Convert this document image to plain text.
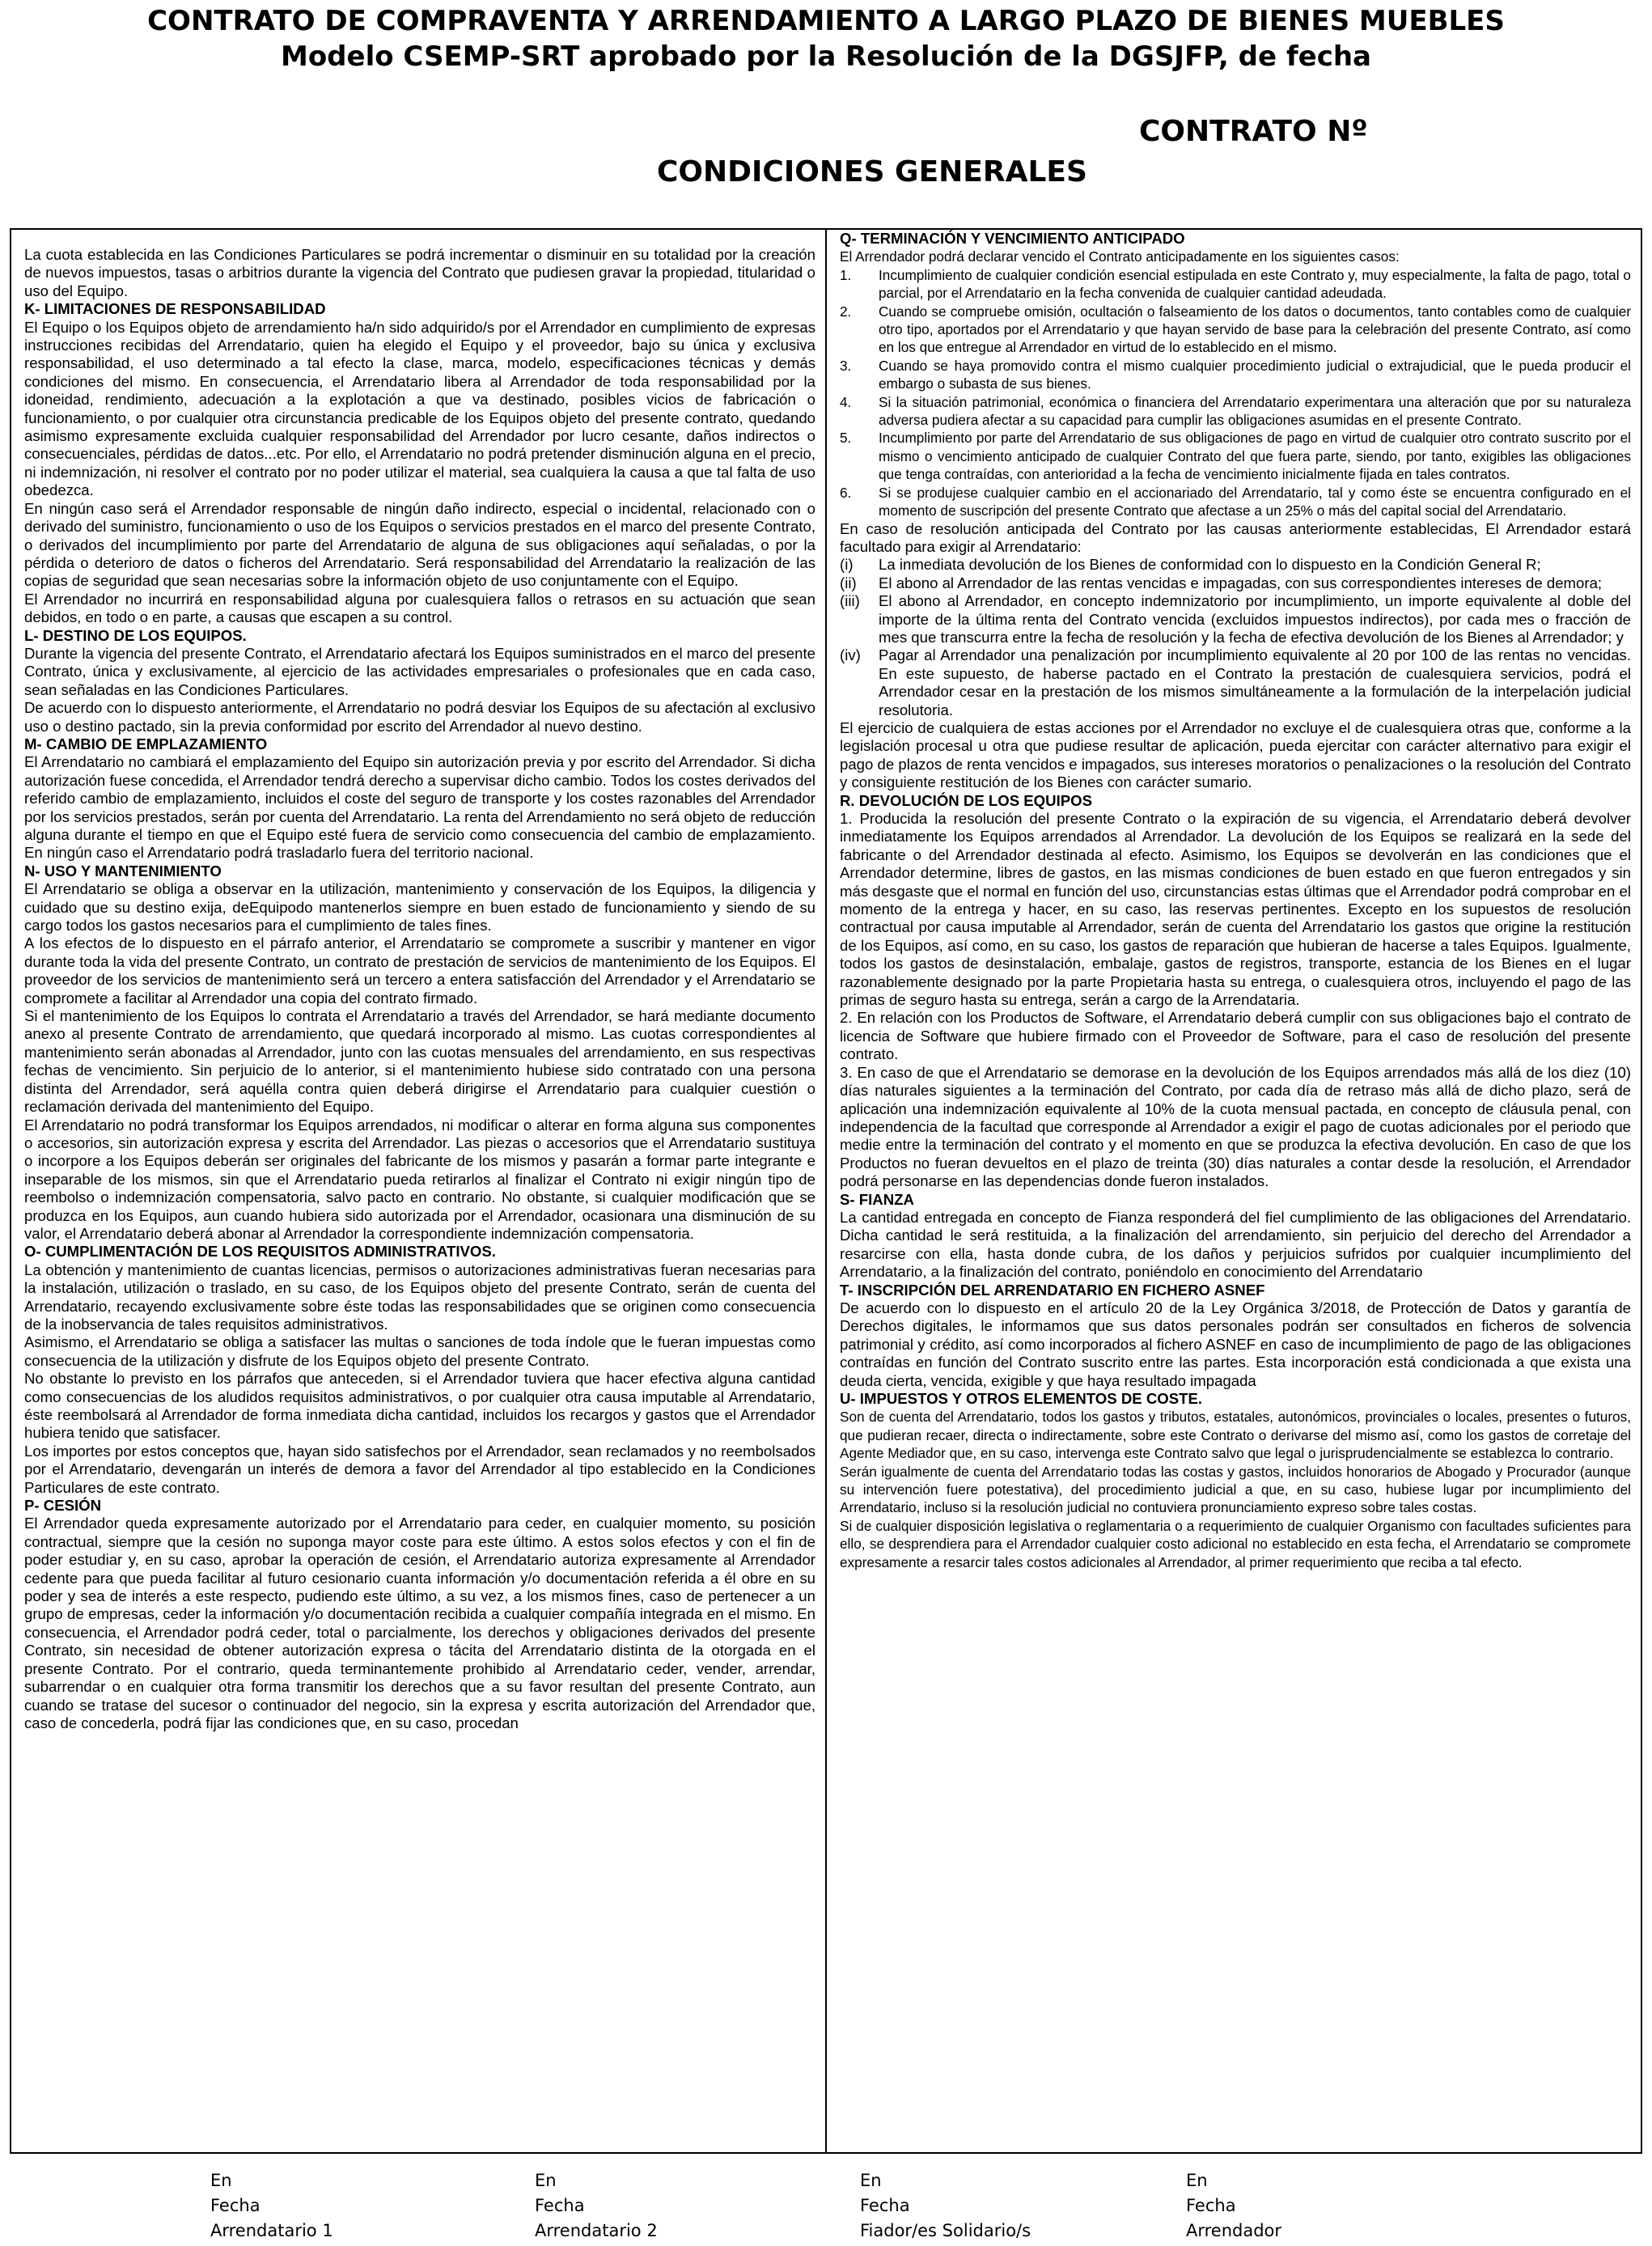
CONTRATO DE COMPRAVENTA Y ARRENDAMIENTO A LARGO PLAZO DE BIENES MUEBLES
Modelo CSEMP-SRT aprobado por la Resolución de la DGSJFP, de fecha
CONTRATO Nº
CONDICIONES GENERALES

La cuota establecida en las Condiciones Particulares se podrá incrementar o disminuir en su totalidad por la creación de nuevos impuestos, tasas o arbitrios durante la vigencia del Contrato que pudiesen gravar la propiedad, titularidad o uso del Equipo.

K- LIMITACIONES DE RESPONSABILIDAD

El Equipo o los Equipos objeto de arrendamiento ha/n sido adquirido/s por el Arrendador en cumplimiento de expresas instrucciones recibidas del Arrendatario, quien ha elegido el Equipo y el proveedor, bajo su única y exclusiva responsabilidad, el uso determinado a tal efecto la clase, marca, modelo, especificaciones técnicas y demás condiciones del mismo. En consecuencia, el Arrendatario libera al Arrendador de toda responsabilidad por la idoneidad, rendimiento, adecuación a la explotación a que va destinado, posibles vicios de fabricación o funcionamiento, o por cualquier otra circunstancia predicable de los Equipos objeto del presente contrato, quedando asimismo expresamente excluida cualquier responsabilidad del Arrendador por lucro cesante, daños indirectos o consecuenciales, pérdidas de datos...etc. Por ello, el Arrendatario no podrá pretender disminución alguna en el precio, ni indemnización, ni resolver el contrato por no poder utilizar el material, sea cualquiera la causa a que tal falta de uso obedezca.

En ningún caso será el Arrendador responsable de ningún daño indirecto, especial o incidental, relacionado con o derivado del suministro, funcionamiento o uso de los Equipos o servicios prestados en el marco del presente Contrato, o derivados del incumplimiento por parte del Arrendatario de alguna de sus obligaciones aquí señaladas, o por la pérdida o deterioro de datos o ficheros del Arrendatario. Será responsabilidad del Arrendatario la realización de las copias de seguridad que sean necesarias sobre la información objeto de uso conjuntamente con el Equipo.

El Arrendador no incurrirá en responsabilidad alguna por cualesquiera fallos o retrasos en su actuación que sean debidos, en todo o en parte, a causas que escapen a su control.

L- DESTINO DE LOS EQUIPOS.

Durante la vigencia del presente Contrato, el Arrendatario afectará los Equipos suministrados en el marco del presente Contrato, única y exclusivamente, al ejercicio de las actividades empresariales o profesionales que en cada caso, sean señaladas en las Condiciones Particulares.

De acuerdo con lo dispuesto anteriormente, el Arrendatario no podrá desviar los Equipos de su afectación al exclusivo uso o destino pactado, sin la previa conformidad por escrito del Arrendador al nuevo destino.

M- CAMBIO DE EMPLAZAMIENTO

El Arrendatario no cambiará el emplazamiento del Equipo sin autorización previa y por escrito del Arrendador. Si dicha autorización fuese concedida, el Arrendador tendrá derecho a supervisar dicho cambio. Todos los costes derivados del referido cambio de emplazamiento, incluidos el coste del seguro de transporte y los costes razonables del Arrendador por los servicios prestados, serán por cuenta del Arrendatario. La renta del Arrendamiento no será objeto de reducción alguna durante el tiempo en que el Equipo esté fuera de servicio como consecuencia del cambio de emplazamiento. En ningún caso el Arrendatario podrá trasladarlo fuera del territorio nacional.

N- USO Y MANTENIMIENTO

El Arrendatario se obliga a observar en la utilización, mantenimiento y conservación de los Equipos, la diligencia y cuidado que su destino exija, deEquipodo mantenerlos siempre en buen estado de funcionamiento y siendo de su cargo todos los gastos necesarios para el cumplimiento de tales fines.

A los efectos de lo dispuesto en el párrafo anterior, el Arrendatario se compromete a suscribir y mantener en vigor durante toda la vida del presente Contrato, un contrato de prestación de servicios de mantenimiento de los Equipos. El proveedor de los servicios de mantenimiento será un tercero a entera satisfacción del Arrendador y el Arrendatario se compromete a facilitar al Arrendador una copia del contrato firmado.

Si el mantenimiento de los Equipos lo contrata el Arrendatario a través del Arrendador, se hará mediante documento anexo al presente Contrato de arrendamiento, que quedará incorporado al mismo. Las cuotas correspondientes al mantenimiento serán abonadas al Arrendador, junto con las cuotas mensuales del arrendamiento, en sus respectivas fechas de vencimiento. Sin perjuicio de lo anterior, si el mantenimiento hubiese sido contratado con una persona distinta del Arrendador, será aquélla contra quien deberá dirigirse el Arrendatario para cualquier cuestión o reclamación derivada del mantenimiento del Equipo.

El Arrendatario no podrá transformar los Equipos arrendados, ni modificar o alterar en forma alguna sus componentes o accesorios, sin autorización expresa y escrita del Arrendador. Las piezas o accesorios que el Arrendatario sustituya o incorpore a los Equipos deberán ser originales del fabricante de los mismos y pasarán a formar parte integrante e inseparable de los mismos, sin que el Arrendatario pueda retirarlos al finalizar el Contrato ni exigir ningún tipo de reembolso o indemnización compensatoria, salvo pacto en contrario. No obstante, si cualquier modificación que se produzca en los Equipos, aun cuando hubiera sido autorizada por el Arrendador, ocasionara una disminución de su valor, el Arrendatario deberá abonar al Arrendador la correspondiente indemnización compensatoria.

O- CUMPLIMENTACIÓN DE LOS REQUISITOS ADMINISTRATIVOS.

La obtención y mantenimiento de cuantas licencias, permisos o autorizaciones administrativas fueran necesarias para la instalación, utilización o traslado, en su caso, de los Equipos objeto del presente Contrato, serán de cuenta del Arrendatario, recayendo exclusivamente sobre éste todas las responsabilidades que se originen como consecuencia de la inobservancia de tales requisitos administrativos.

Asimismo, el Arrendatario se obliga a satisfacer las multas o sanciones de toda índole que le fueran impuestas como consecuencia de la utilización y disfrute de los Equipos objeto del presente Contrato.

No obstante lo previsto en los párrafos que anteceden, si el Arrendador tuviera que hacer efectiva alguna cantidad como consecuencias de los aludidos requisitos administrativos, o por cualquier otra causa imputable al Arrendatario, éste reembolsará al Arrendador de forma inmediata dicha cantidad, incluidos los recargos y gastos que el Arrendador hubiera tenido que satisfacer.

Los importes por estos conceptos que, hayan sido satisfechos por el Arrendador, sean reclamados y no reembolsados por el Arrendatario, devengarán un interés de demora a favor del Arrendador al tipo establecido en la Condiciones Particulares de este contrato.

P- CESIÓN

El Arrendador queda expresamente autorizado por el Arrendatario para ceder, en cualquier momento, su posición contractual, siempre que la cesión no suponga mayor coste para este último. A estos solos efectos y con el fin de poder estudiar y, en su caso, aprobar la operación de cesión, el Arrendatario autoriza expresamente al Arrendador cedente para que pueda facilitar al futuro cesionario cuanta información y/o documentación referida a él obre en su poder y sea de interés a este respecto, pudiendo este último, a su vez, a los mismos fines, caso de pertenecer a un grupo de empresas, ceder la información y/o documentación recibida a cualquier compañía integrada en el mismo. En consecuencia, el Arrendador podrá ceder, total o parcialmente, los derechos y obligaciones derivados del presente Contrato, sin necesidad de obtener autorización expresa o tácita del Arrendatario distinta de la otorgada en el presente Contrato. Por el contrario, queda terminantemente prohibido al Arrendatario ceder, vender, arrendar, subarrendar o en cualquier otra forma transmitir los derechos que a su favor resultan del presente Contrato, aun cuando se tratase del sucesor o continuador del negocio, sin la expresa y escrita autorización del Arrendador que, caso de concederla, podrá fijar las condiciones que, en su caso, procedan

Q- TERMINACIÓN Y VENCIMIENTO ANTICIPADO

El Arrendador podrá declarar vencido el Contrato anticipadamente en los siguientes casos:

1.	Incumplimiento de cualquier condición esencial estipulada en este Contrato y, muy especialmente, la falta de pago, total o parcial, por el Arrendatario en la fecha convenida de cualquier cantidad adeudada.
2.	Cuando se compruebe omisión, ocultación o falseamiento de los datos o documentos, tanto contables como de cualquier otro tipo, aportados por el Arrendatario y que hayan servido de base para la celebración del presente Contrato, así como en los que entregue al Arrendador en virtud de lo establecido en el mismo.
3.	Cuando se haya promovido contra el mismo cualquier procedimiento judicial o extrajudicial, que le pueda producir el embargo o subasta de sus bienes.
4.	Si la situación patrimonial, económica o financiera del Arrendatario experimentara una alteración que por su naturaleza adversa pudiera afectar a su capacidad para cumplir las obligaciones asumidas en el presente Contrato.
5.	Incumplimiento por parte del Arrendatario de sus obligaciones de pago en virtud de cualquier otro contrato suscrito por el mismo o vencimiento anticipado de cualquier Contrato del que fuera parte, siendo, por tanto, exigibles las obligaciones que tenga contraídas, con anterioridad a la fecha de vencimiento inicialmente fijada en tales contratos.
6.	Si se produjese cualquier cambio en el accionariado del Arrendatario, tal y como éste se encuentra configurado en el momento de suscripción del presente Contrato que afectase a un 25% o más del capital social del Arrendatario.

En caso de resolución anticipada del Contrato por las causas anteriormente establecidas, El Arrendador estará facultado para exigir al Arrendatario:

(i)	La inmediata devolución de los Bienes de conformidad con lo dispuesto en la Condición General R;
(ii)	El abono al Arrendador de las rentas vencidas e impagadas, con sus correspondientes intereses de demora;
(iii)	El abono al Arrendador, en concepto indemnizatorio por incumplimiento, un importe equivalente al doble del importe de la última renta del Contrato vencida (excluidos impuestos indirectos), por cada mes o fracción de mes que transcurra entre la fecha de resolución y la fecha de efectiva devolución de los Bienes al Arrendador; y
(iv)	Pagar al Arrendador una penalización por incumplimiento equivalente al 20 por 100 de las rentas no vencidas. En este supuesto, de haberse pactado en el Contrato la prestación de cualesquiera servicios, podrá el Arrendador cesar en la prestación de los mismos simultáneamente a la formulación de la interpelación judicial resolutoria.

El ejercicio de cualquiera de estas acciones por el Arrendador no excluye el de cualesquiera otras que, conforme a la legislación procesal u otra que pudiese resultar de aplicación, pueda ejercitar con carácter alternativo para exigir el pago de plazos de renta vencidos e impagados, sus intereses moratorios o penalizaciones o la resolución del Contrato y consiguiente restitución de los Bienes con carácter sumario.

R. DEVOLUCIÓN DE LOS EQUIPOS

1. Producida la resolución del presente Contrato o la expiración de su vigencia, el Arrendatario deberá devolver inmediatamente los Equipos arrendados al Arrendador. La devolución de los Equipos se realizará en la sede del fabricante o del Arrendador destinada al efecto. Asimismo, los Equipos se devolverán en las condiciones que el Arrendador determine, libres de gastos, en las mismas condiciones de buen estado en que fueron entregados y sin más desgaste que el normal en función del uso, circunstancias estas últimas que el Arrendador podrá comprobar en el momento de la entrega y hacer, en su caso, las reservas pertinentes. Excepto en los supuestos de resolución contractual por causa imputable al Arrendador, serán de cuenta del Arrendatario los gastos que origine la restitución de los Equipos, así como, en su caso, los gastos de reparación que hubieran de hacerse a tales Equipos. Igualmente, todos los gastos de desinstalación, embalaje, gastos de registros, transporte, estancia de los Bienes en el lugar razonablemente designado por la parte Propietaria hasta su entrega, o cualesquiera otros, incluyendo el pago de las primas de seguro hasta su entrega, serán a cargo de la Arrendataria.

2. En relación con los Productos de Software, el Arrendatario deberá cumplir con sus obligaciones bajo el contrato de licencia de Software que hubiere firmado con el Proveedor de Software, para el caso de resolución del presente contrato.

3. En caso de que el Arrendatario se demorase en la devolución de los Equipos arrendados más allá de los diez (10) días naturales siguientes a la terminación del Contrato, por cada día de retraso más allá de dicho plazo, será de aplicación una indemnización equivalente al 10% de la cuota mensual pactada, en concepto de cláusula penal, con independencia de la facultad que corresponde al Arrendador a exigir el pago de cuotas adicionales por el periodo que medie entre la terminación del contrato y el momento en que se produzca la efectiva devolución. En caso de que los Productos no fueran devueltos en el plazo de treinta (30) días naturales a contar desde la resolución, el Arrendador podrá personarse en las dependencias donde fueron instalados.

S- FIANZA

La cantidad entregada en concepto de Fianza responderá del fiel cumplimiento de las obligaciones del Arrendatario. Dicha cantidad le será restituida, a la finalización del arrendamiento, sin perjuicio del derecho del Arrendador a resarcirse con ella, hasta donde cubra, de los daños y perjuicios sufridos por cualquier incumplimiento del Arrendatario, a la finalización del contrato, poniéndolo en conocimiento del Arrendatario

T- INSCRIPCIÓN DEL ARRENDATARIO EN FICHERO ASNEF

De acuerdo con lo dispuesto en el artículo 20 de la Ley Orgánica 3/2018, de Protección de Datos y garantía de Derechos digitales, le informamos que sus datos personales podrán ser consultados en ficheros de solvencia patrimonial y crédito, así como incorporados al fichero ASNEF en caso de incumplimiento de pago de las obligaciones contraídas en función del Contrato suscrito entre las partes. Esta incorporación está condicionada a que exista una deuda cierta, vencida, exigible y que haya resultado impagada

U- IMPUESTOS Y OTROS ELEMENTOS DE COSTE.

Son de cuenta del Arrendatario, todos los gastos y tributos, estatales, autonómicos, provinciales o locales, presentes o futuros, que pudieran recaer, directa o indirectamente, sobre este Contrato o derivarse del mismo así, como los gastos de corretaje del Agente Mediador que, en su caso, intervenga este Contrato salvo que legal o jurisprudencialmente se establezca lo contrario.

Serán igualmente de cuenta del Arrendatario todas las costas y gastos, incluidos honorarios de Abogado y Procurador (aunque su intervención fuere potestativa), del procedimiento judicial a que, en su caso, hubiese lugar por incumplimiento del Arrendatario, incluso si la resolución judicial no contuviera pronunciamiento expreso sobre tales costas.

Si de cualquier disposición legislativa o reglamentaria o a requerimiento de cualquier Organismo con facultades suficientes para ello, se desprendiera para el Arrendador cualquier costo adicional no establecido en esta fecha, el Arrendatario se compromete expresamente a resarcir tales costos adicionales al Arrendador, al primer requerimiento que reciba a tal efecto.

En
Fecha
Arrendatario 1
En
Fecha
Arrendatario 2
En
Fecha
Fiador/es Solidario/s
En
Fecha
Arrendador
